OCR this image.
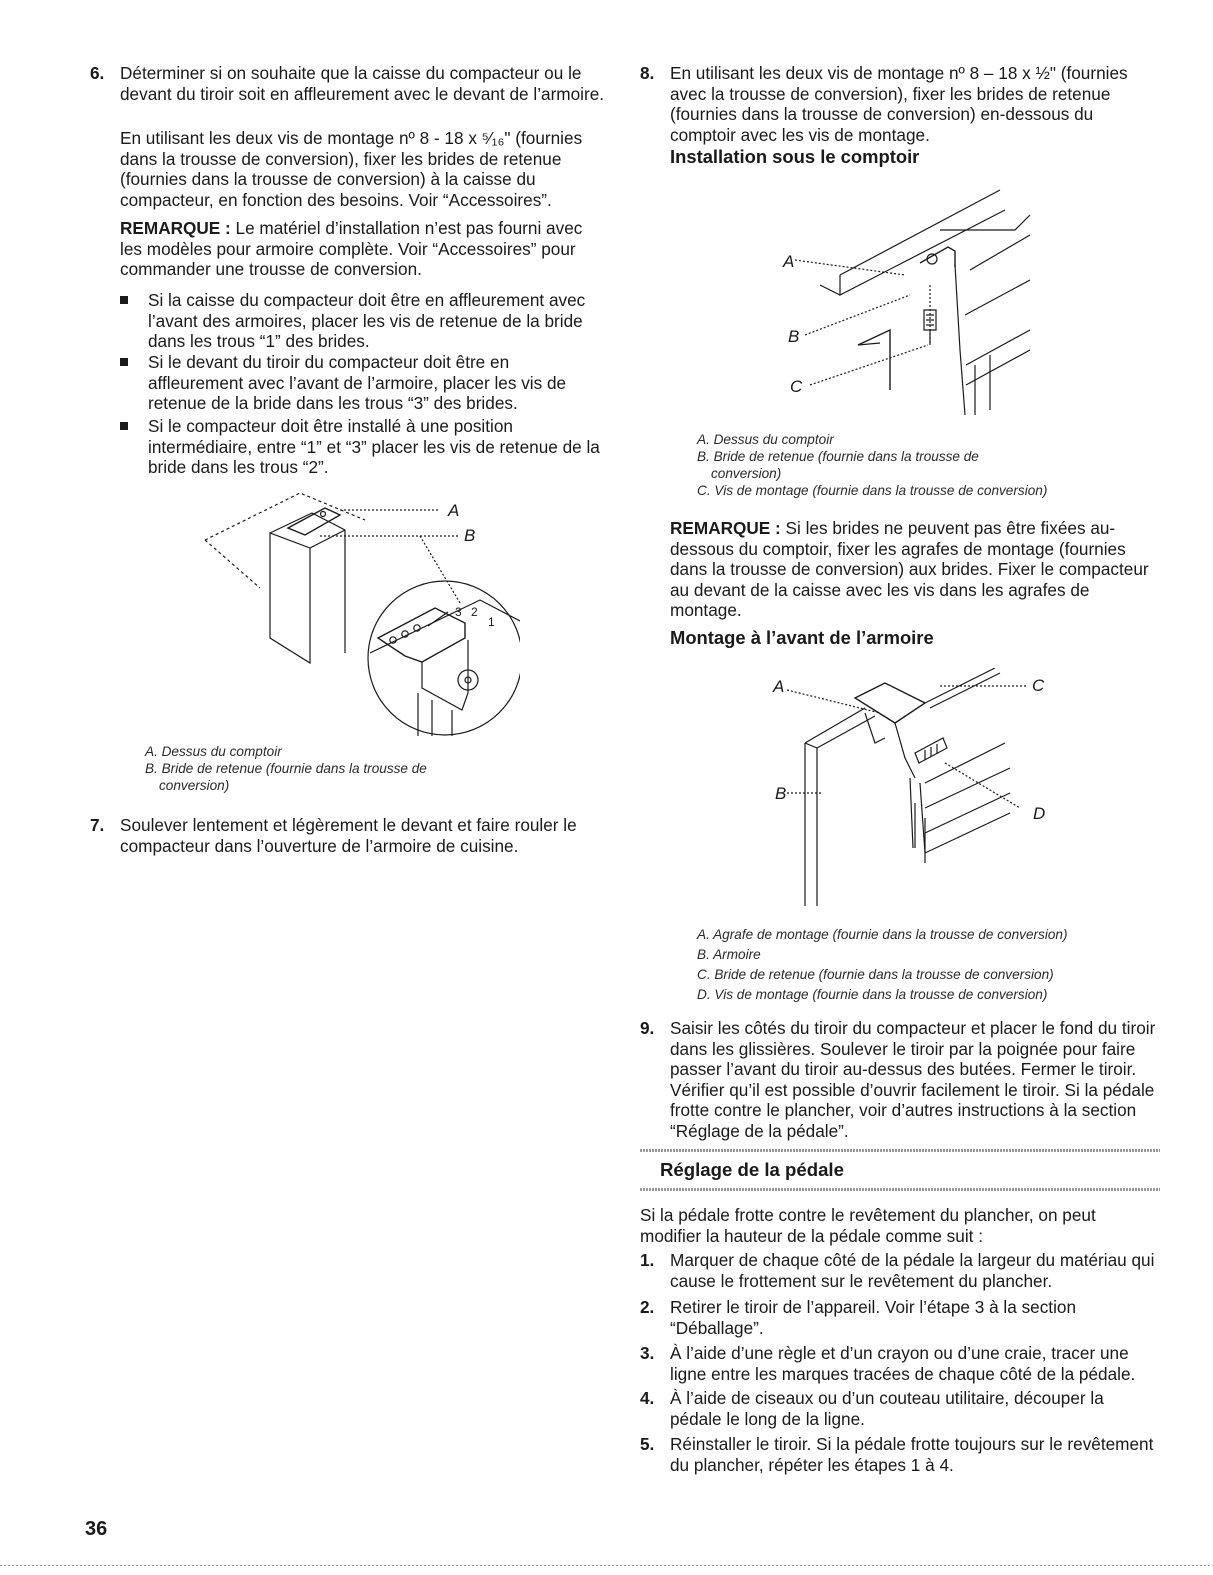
6. Déterminer si on souhaite que la caisse du compacteur ou le devant du tiroir soit en affleurement avec le devant de l’armoire.
En utilisant les deux vis de montage nº 8 - 18 x ⁵⁄₁₆" (fournies dans la trousse de conversion), fixer les brides de retenue (fournies dans la trousse de conversion) à la caisse du compacteur, en fonction des besoins. Voir “Accessoires”.
REMARQUE : Le matériel d’installation n’est pas fourni avec les modèles pour armoire complète. Voir “Accessoires” pour commander une trousse de conversion.
Si la caisse du compacteur doit être en affleurement avec l’avant des armoires, placer les vis de retenue de la bride dans les trous “1” des brides.
Si le devant du tiroir du compacteur doit être en affleurement avec l’avant de l’armoire, placer les vis de retenue de la bride dans les trous “3” des brides.
Si le compacteur doit être installé à une position intermédiaire, entre “1” et “3” placer les vis de retenue de la bride dans les trous “2”.
A
B
3 2
1
A. Dessus du comptoir
B. Bride de retenue (fournie dans la trousse de
conversion)
7. Soulever lentement et légèrement le devant et faire rouler le compacteur dans l’ouverture de l’armoire de cuisine.
8. En utilisant les deux vis de montage nº 8 – 18 x ½" (fournies avec la trousse de conversion), fixer les brides de retenue (fournies dans la trousse de conversion) en-dessous du comptoir avec les vis de montage.
Installation sous le comptoir
A
B
C
A. Dessus du comptoir
B. Bride de retenue (fournie dans la trousse de
conversion)
C. Vis de montage (fournie dans la trousse de conversion)
REMARQUE : Si les brides ne peuvent pas être fixées au-dessous du comptoir, fixer les agrafes de montage (fournies dans la trousse de conversion) aux brides. Fixer le compacteur au devant de la caisse avec les vis dans les agrafes de montage.
Montage à l’avant de l’armoire
A	C
B
D
A. Agrafe de montage (fournie dans la trousse de conversion)
B. Armoire
C. Bride de retenue (fournie dans la trousse de conversion)
D. Vis de montage (fournie dans la trousse de conversion)
9. Saisir les côtés du tiroir du compacteur et placer le fond du tiroir dans les glissières. Soulever le tiroir par la poignée pour faire passer l’avant du tiroir au-dessus des butées. Fermer le tiroir. Vérifier qu’il est possible d’ouvrir facilement le tiroir. Si la pédale frotte contre le plancher, voir d’autres instructions à la section “Réglage de la pédale”.
Réglage de la pédale
Si la pédale frotte contre le revêtement du plancher, on peut modifier la hauteur de la pédale comme suit :
1. Marquer de chaque côté de la pédale la largeur du matériau qui cause le frottement sur le revêtement du plancher.
2. Retirer le tiroir de l’appareil. Voir l’étape 3 à la section “Déballage”.
3. À l’aide d’une règle et d’un crayon ou d’une craie, tracer une ligne entre les marques tracées de chaque côté de la pédale.
4. À l’aide de ciseaux ou d’un couteau utilitaire, découper la pédale le long de la ligne.
5. Réinstaller le tiroir. Si la pédale frotte toujours sur le revêtement du plancher, répéter les étapes 1 à 4.
36
